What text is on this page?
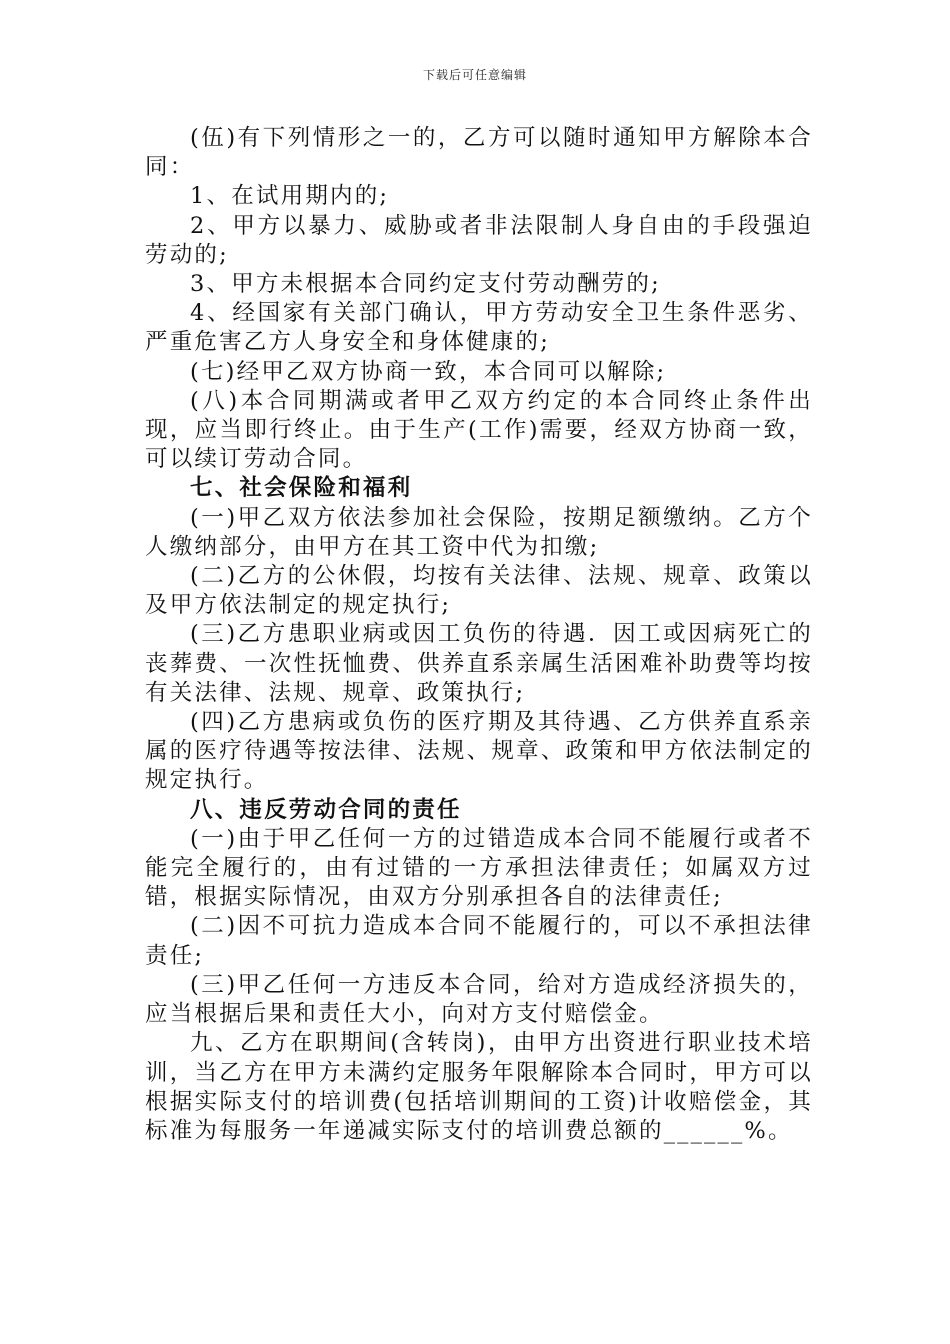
下载后可任意编辑

(伍)有下列情形之一的，乙方可以随时通知甲方解除本合同：

1、在试用期内的;

2、甲方以暴力、威胁或者非法限制人身自由的手段强迫劳动的;

3、甲方未根据本合同约定支付劳动酬劳的;

4、经国家有关部门确认，甲方劳动安全卫生条件恶劣、严重危害乙方人身安全和身体健康的;

(七)经甲乙双方协商一致，本合同可以解除;

(八)本合同期满或者甲乙双方约定的本合同终止条件出现，应当即行终止。由于生产(工作)需要，经双方协商一致，可以续订劳动合同。

七、社会保险和福利

(一)甲乙双方依法参加社会保险，按期足额缴纳。乙方个人缴纳部分，由甲方在其工资中代为扣缴;

(二)乙方的公休假，均按有关法律、法规、规章、政策以及甲方依法制定的规定执行;

(三)乙方患职业病或因工负伤的待遇．因工或因病死亡的丧葬费、一次性抚恤费、供养直系亲属生活困难补助费等均按有关法律、法规、规章、政策执行;

(四)乙方患病或负伤的医疗期及其待遇、乙方供养直系亲属的医疗待遇等按法律、法规、规章、政策和甲方依法制定的规定执行。

八、违反劳动合同的责任

(一)由于甲乙任何一方的过错造成本合同不能履行或者不能完全履行的，由有过错的一方承担法律责任；如属双方过错，根据实际情况，由双方分别承担各自的法律责任;

(二)因不可抗力造成本合同不能履行的，可以不承担法律责任;

(三)甲乙任何一方违反本合同，给对方造成经济损失的，应当根据后果和责任大小，向对方支付赔偿金。

九、乙方在职期间(含转岗)，由甲方出资进行职业技术培训，当乙方在甲方未满约定服务年限解除本合同时，甲方可以根据实际支付的培训费(包括培训期间的工资)计收赔偿金，其标准为每服务一年递减实际支付的培训费总额的______%。
